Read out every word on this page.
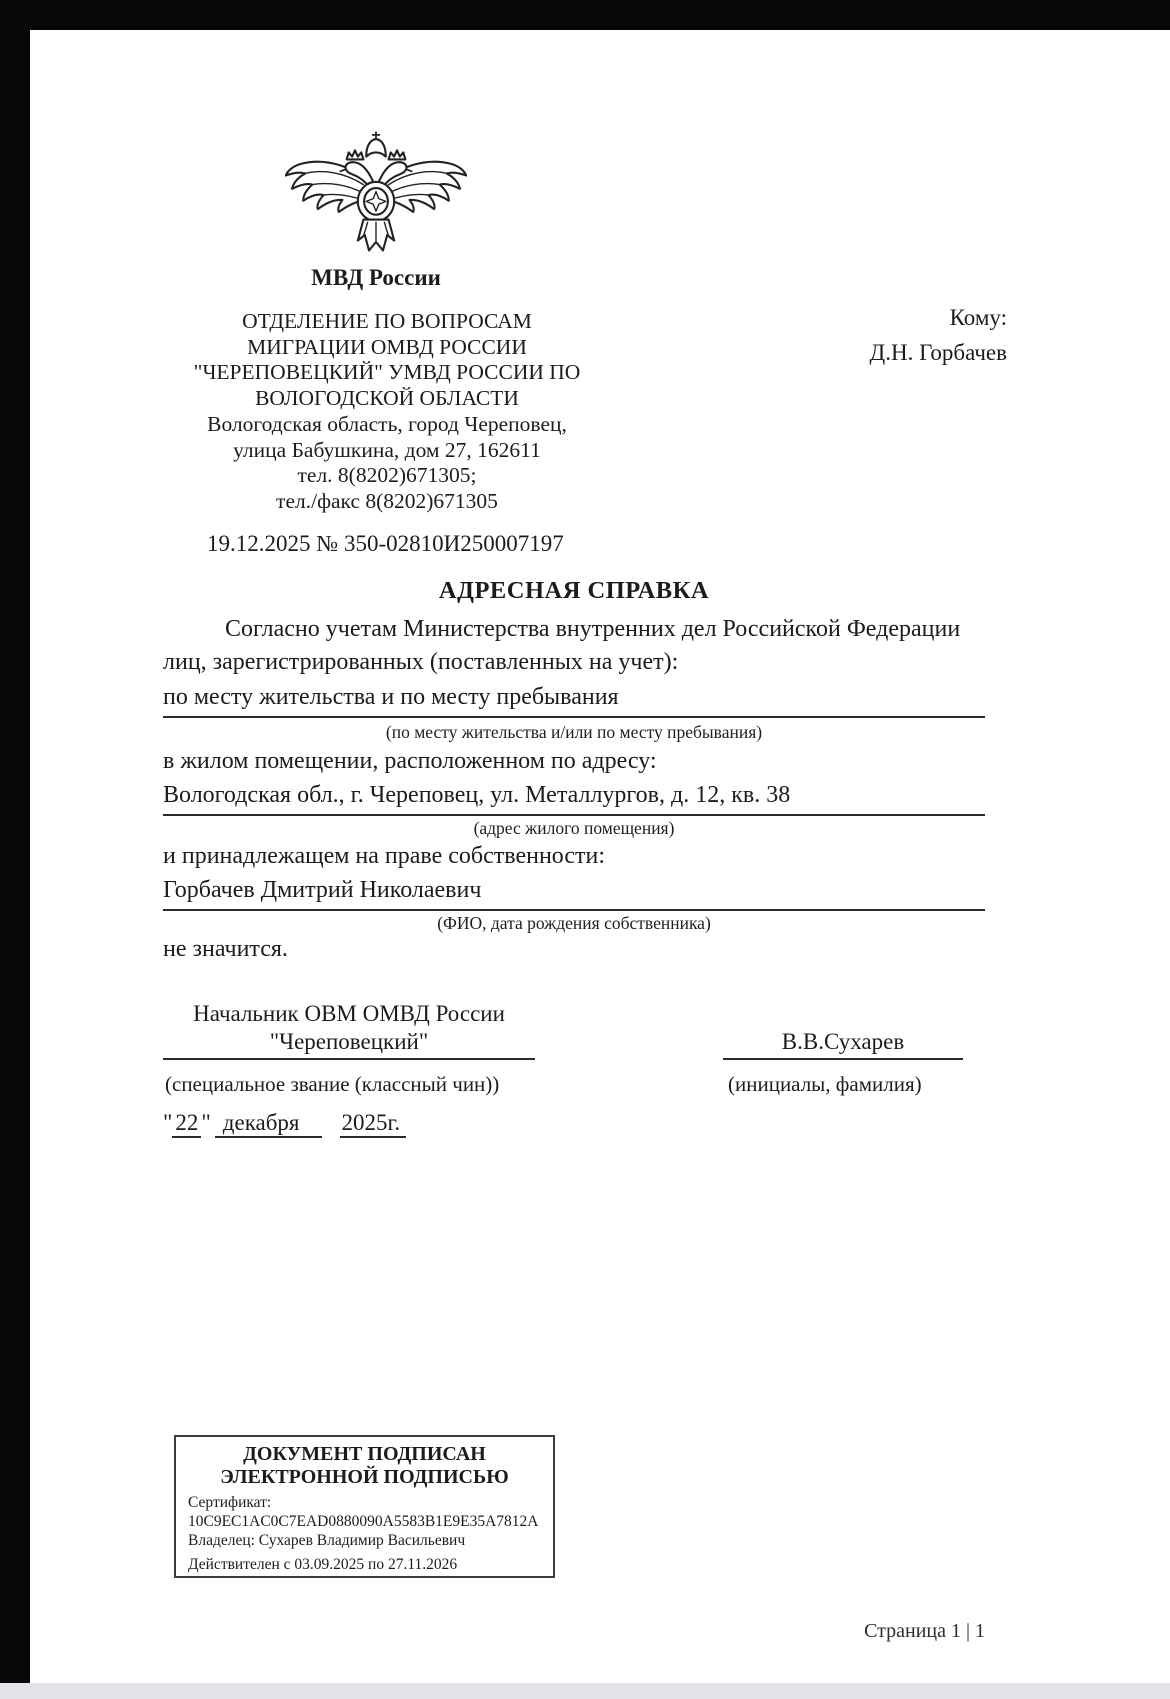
МВД России
ОТДЕЛЕНИЕ ПО ВОПРОСАМ
МИГРАЦИИ ОМВД РОССИИ
"ЧЕРЕПОВЕЦКИЙ" УМВД РОССИИ ПО
ВОЛОГОДСКОЙ ОБЛАСТИ
Вологодская область, город Череповец,
улица Бабушкина, дом 27, 162611
тел. 8(8202)671305;
тел./факс 8(8202)671305
Кому:
Д.Н. Горбачев
19.12.2025 № 350-02810И250007197
АДРЕСНАЯ СПРАВКА
Согласно учетам Министерства внутренних дел Российской Федерации
лиц, зарегистрированных (поставленных на учет):
по месту жительства и по месту пребывания
(по месту жительства и/или по месту пребывания)
в жилом помещении, расположенном по адресу:
Вологодская обл., г. Череповец, ул. Металлургов, д. 12, кв. 38
(адрес жилого помещения)
и принадлежащем на праве собственности:
Горбачев Дмитрий Николаевич
(ФИО, дата рождения собственника)
не значится.
Начальник ОВМ ОМВД России
"Череповецкий"	В.В.Сухарев
(специальное звание (классный чин))	(инициалы, фамилия)
" 22 " декабря 2025г.
ДОКУМЕНТ ПОДПИСАН
ЭЛЕКТРОННОЙ ПОДПИСЬЮ
Сертификат:
10C9EC1AC0C7EAD0880090A5583B1E9E35A7812A
Владелец: Сухарев Владимир Васильевич
Действителен с 03.09.2025 по 27.11.2026
Страница 1 | 1
